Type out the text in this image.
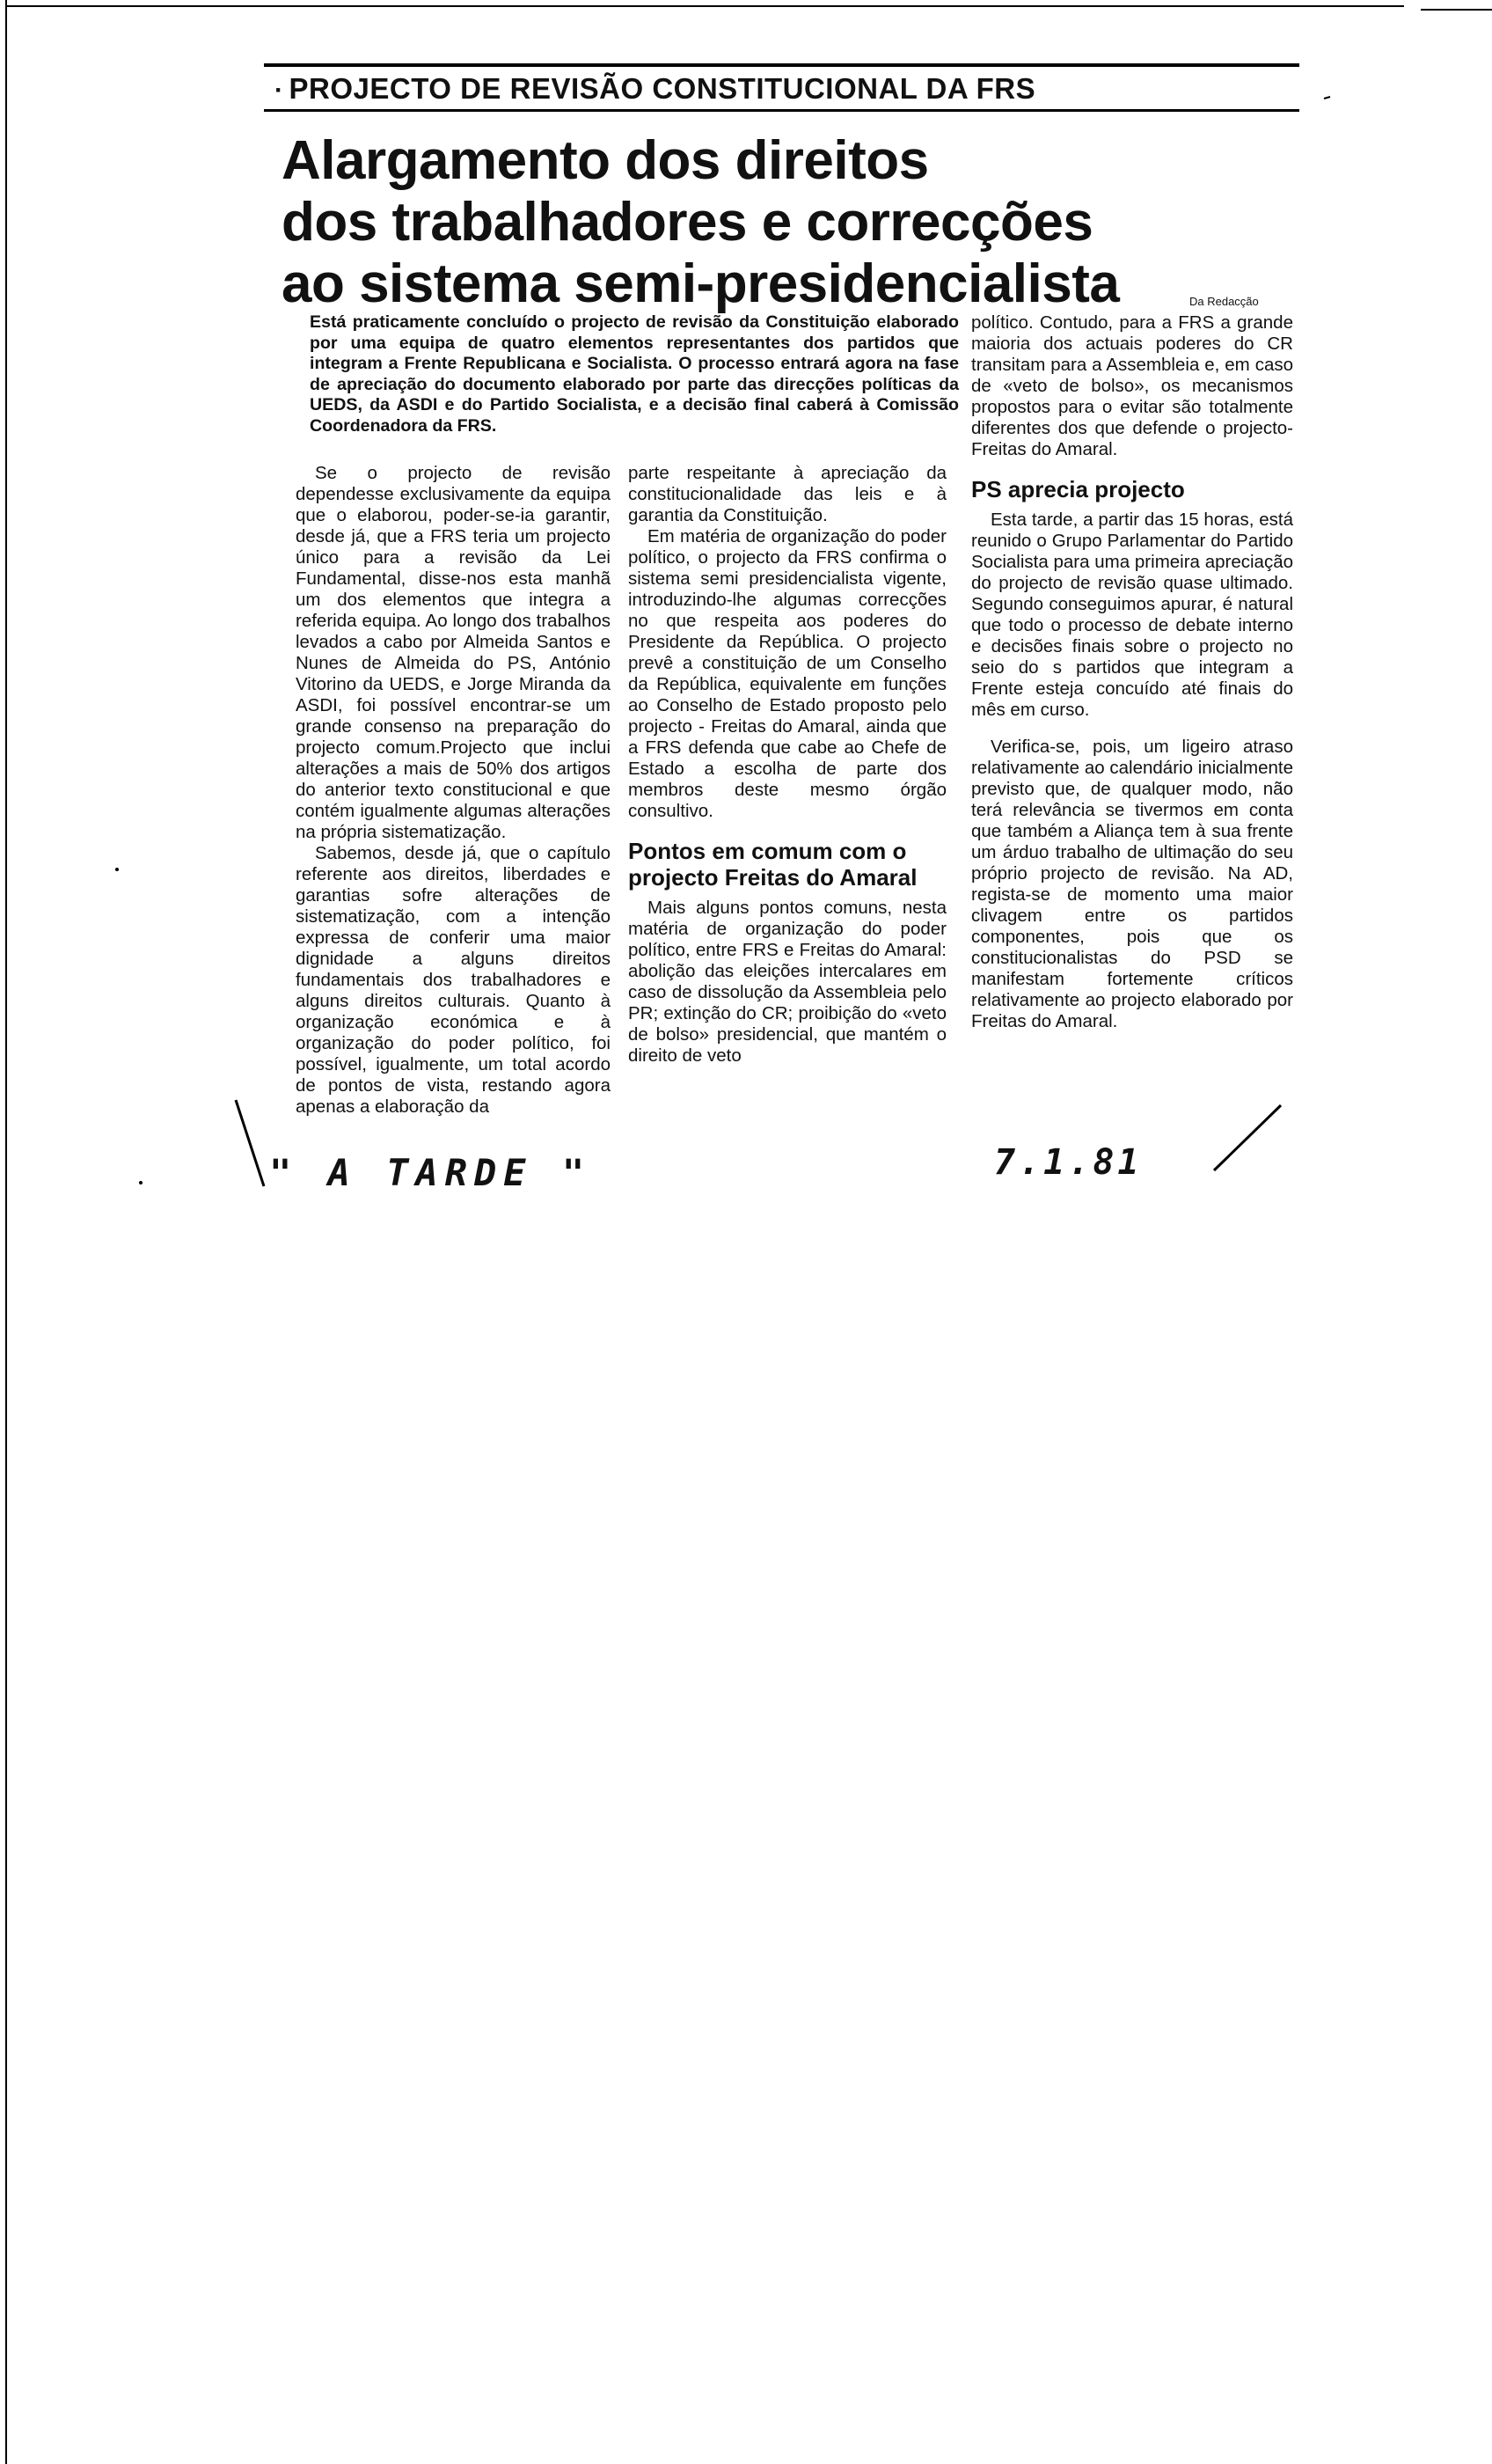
· PROJECTO DE REVISÃO CONSTITUCIONAL DA FRS
Alargamento dos direitos
dos trabalhadores e correcções
ao sistema semi-presidencialista	Da Redacção
Está praticamente concluído o projecto de revisão da Constituição elaborado por uma equipa de quatro elementos representantes dos partidos que integram a Frente Republicana e Socialista. O processo entrará agora na fase de apreciação do documento elaborado por parte das direcções políticas da UEDS, da ASDI e do Partido Socialista, e a decisão final caberá à Comissão Coordenadora da FRS.

Se o projecto de revisão dependesse exclusivamente da equipa que o elaborou, poder-se-ia garantir, desde já, que a FRS teria um projecto único para a revisão da Lei Fundamental, disse-nos esta manhã um dos elementos que integra a referida equipa. Ao longo dos trabalhos levados a cabo por Almeida Santos e Nunes de Almeida do PS, António Vitorino da UEDS, e Jorge Miranda da ASDI, foi possível encontrar-se um grande consenso na preparação do projecto comum.Projecto que inclui alterações a mais de 50% dos artigos do anterior texto constitucional e que contém igualmente algumas alterações na própria sistematização.

Sabemos, desde já, que o capítulo referente aos direitos, liberdades e garantias sofre alterações de sistematização, com a intenção expressa de conferir uma maior dignidade a alguns direitos fundamentais dos trabalhadores e alguns direitos culturais. Quanto à organização económica e à organização do poder político, foi possível, igualmente, um total acordo de pontos de vista, restando agora apenas a elaboração da

parte respeitante à apreciação da constitucionalidade das leis e à garantia da Constituição.

Em matéria de organização do poder político, o projecto da FRS confirma o sistema semi presidencialista vigente, introduzindo-lhe algumas correcções no que respeita aos poderes do Presidente da República. O projecto prevê a constituição de um Conselho da República, equivalente em funções ao Conselho de Estado proposto pelo projecto - Freitas do Amaral, ainda que a FRS defenda que cabe ao Chefe de Estado a escolha de parte dos membros deste mesmo órgão consultivo.

Pontos em comum com o projecto Freitas do Amaral

Mais alguns pontos comuns, nesta matéria de organização do poder político, entre FRS e Freitas do Amaral: abolição das eleições intercalares em caso de dissolução da Assembleia pelo PR; extinção do CR; proibição do «veto de bolso» presidencial, que mantém o direito de veto

político. Contudo, para a FRS a grande maioria dos actuais poderes do CR transitam para a Assembleia e, em caso de «veto de bolso», os mecanismos propostos para o evitar são totalmente diferentes dos que defende o projecto-Freitas do Amaral.

PS aprecia projecto

Esta tarde, a partir das 15 horas, está reunido o Grupo Parlamentar do Partido Socialista para uma primeira apreciação do projecto de revisão quase ultimado. Segundo conseguimos apurar, é natural que todo o processo de debate interno e decisões finais sobre o projecto no seio do s partidos que integram a Frente esteja concuído até finais do mês em curso.

Verifica-se, pois, um ligeiro atraso relativamente ao calendário inicialmente previsto que, de qualquer modo, não terá relevância se tivermos em conta que também a Aliança tem à sua frente um árduo trabalho de ultimação do seu próprio projecto de revisão. Na AD, regista-se de momento uma maior clivagem entre os partidos componentes, pois que os constitucionalistas do PSD se manifestam fortemente críticos relativamente ao projecto elaborado por Freitas do Amaral.

" A TARDE "	7.1.81
